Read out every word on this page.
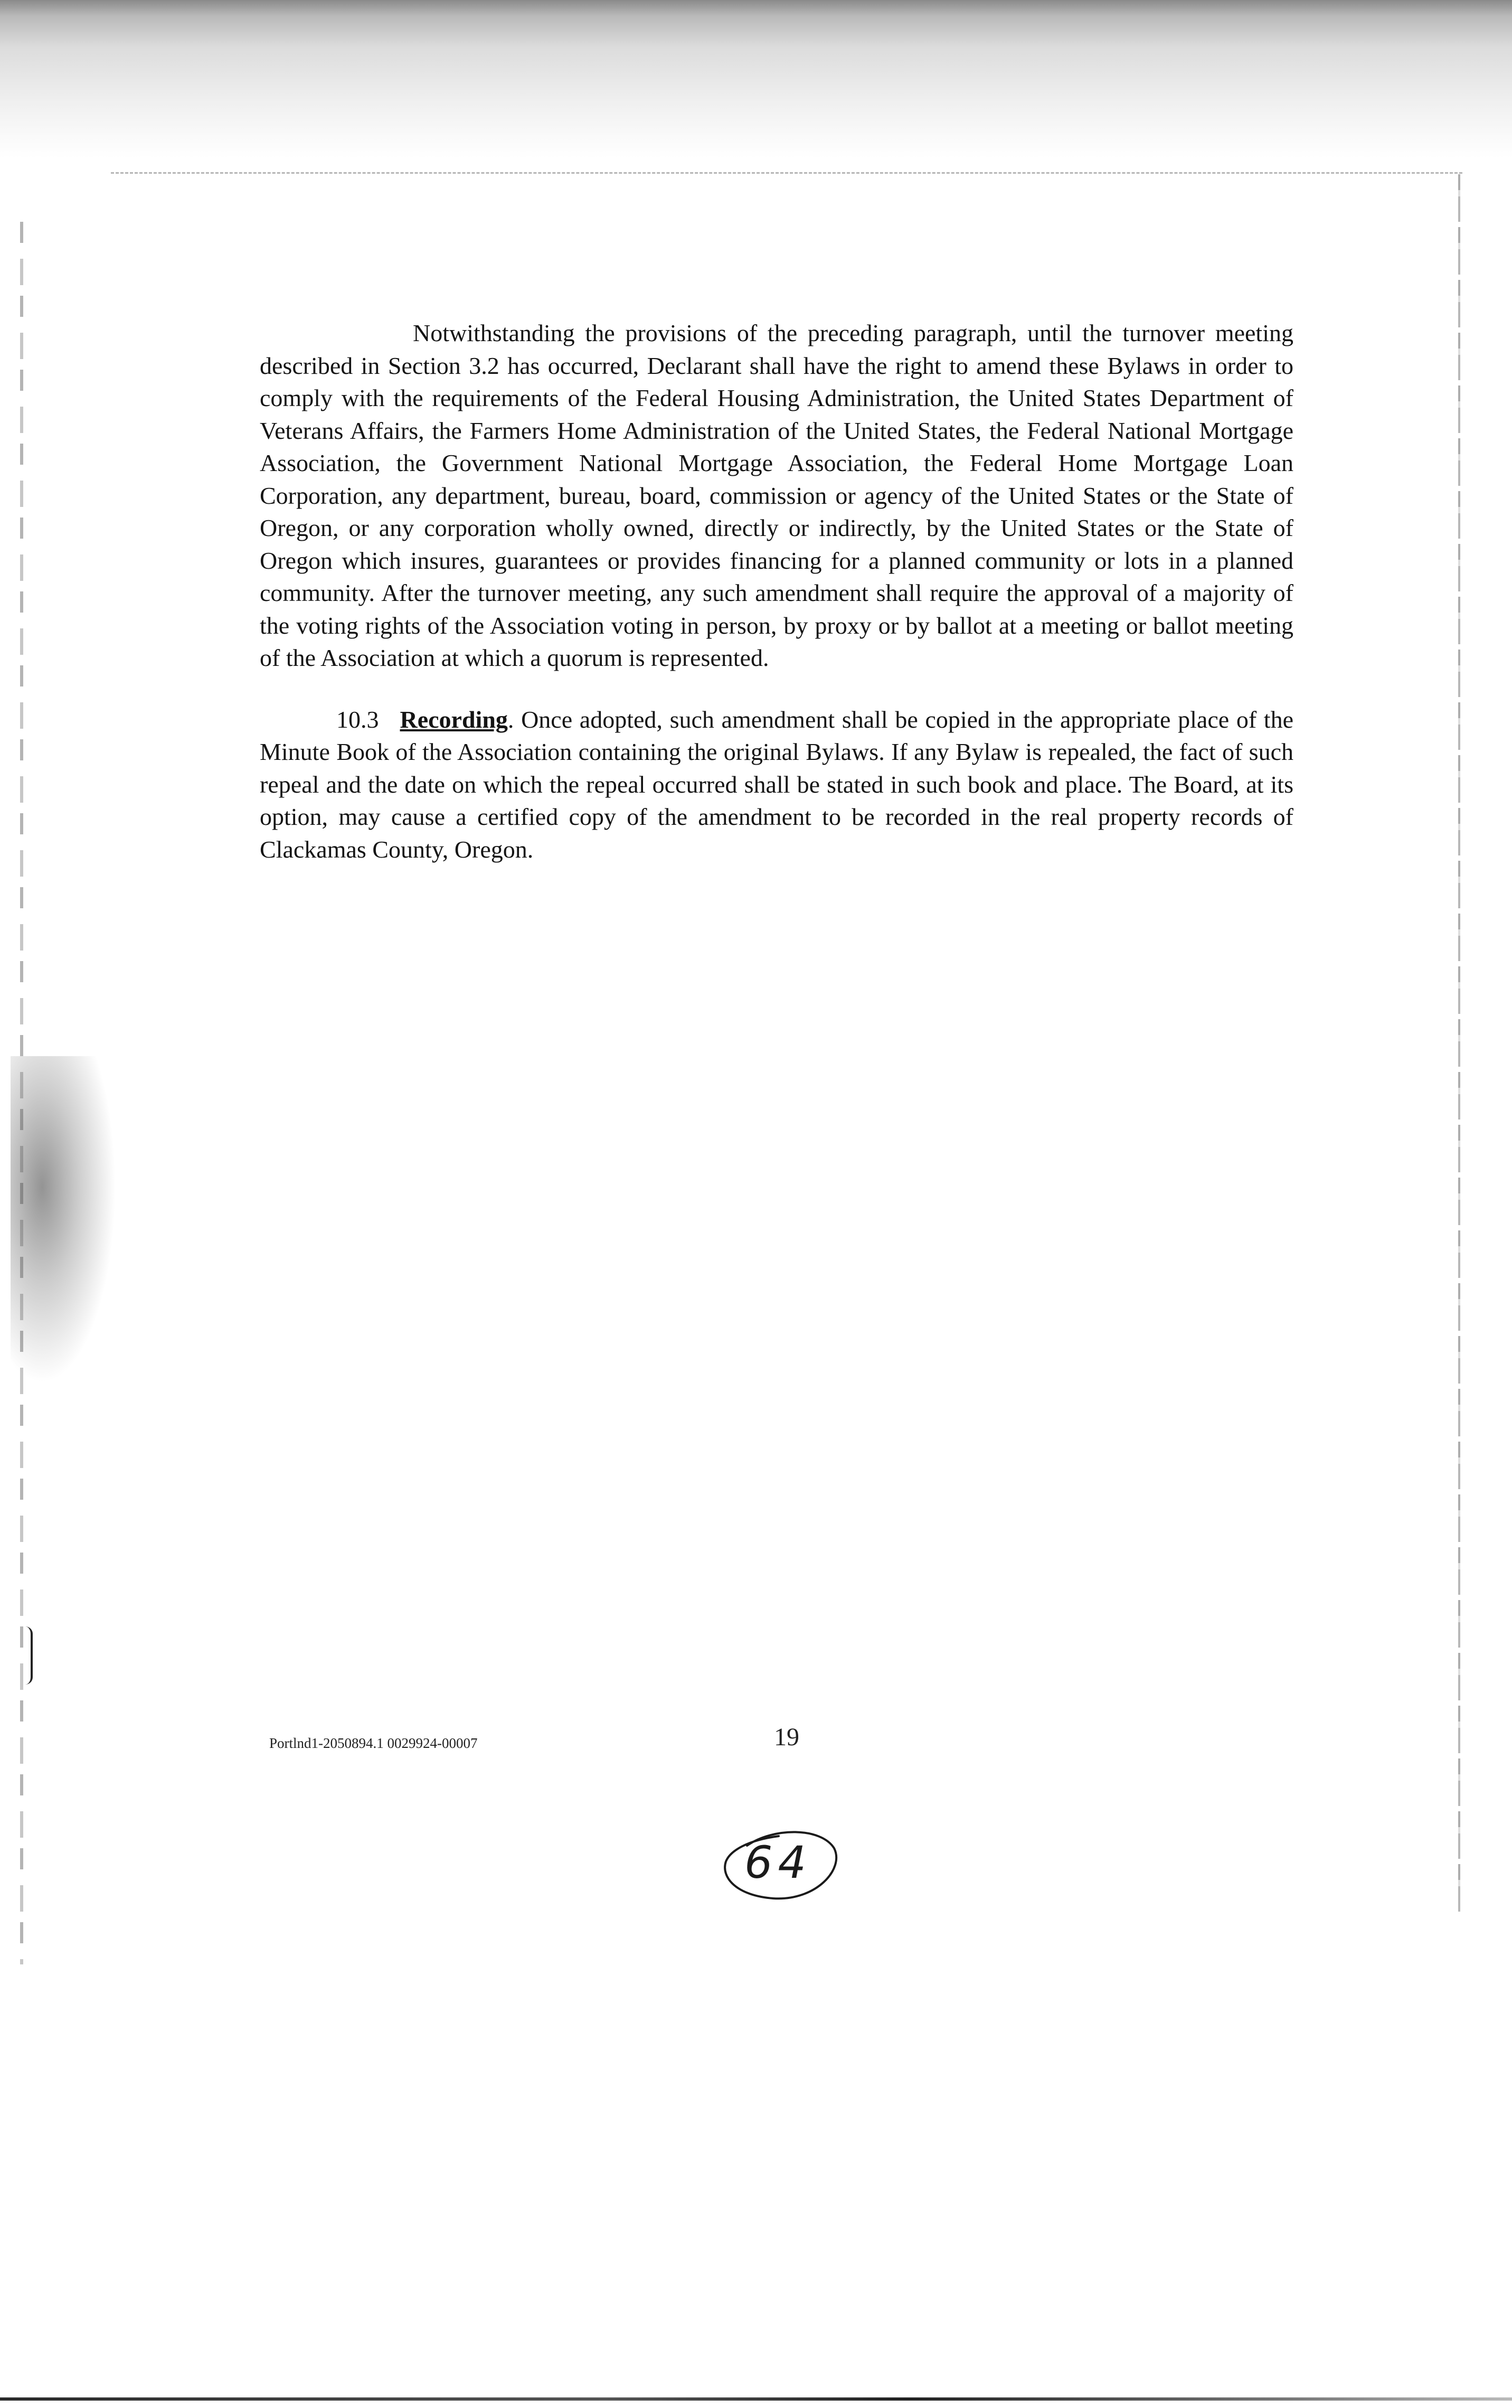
Notwithstanding the provisions of the preceding paragraph, until the turnover meeting described in Section 3.2 has occurred, Declarant shall have the right to amend these Bylaws in order to comply with the requirements of the Federal Housing Administration, the United States Department of Veterans Affairs, the Farmers Home Administration of the United States, the Federal National Mortgage Association, the Government National Mortgage Association, the Federal Home Mortgage Loan Corporation, any department, bureau, board, commission or agency of the United States or the State of Oregon, or any corporation wholly owned, directly or indirectly, by the United States or the State of Oregon which insures, guarantees or provides financing for a planned community or lots in a planned community. After the turnover meeting, any such amendment shall require the approval of a majority of the voting rights of the Association voting in person, by proxy or by ballot at a meeting or ballot meeting of the Association at which a quorum is represented.

10.3 Recording. Once adopted, such amendment shall be copied in the appropriate place of the Minute Book of the Association containing the original Bylaws. If any Bylaw is repealed, the fact of such repeal and the date on which the repeal occurred shall be stated in such book and place. The Board, at its option, may cause a certified copy of the amendment to be recorded in the real property records of Clackamas County, Oregon.

Portlnd1-2050894.1 0029924-00007	19
64
